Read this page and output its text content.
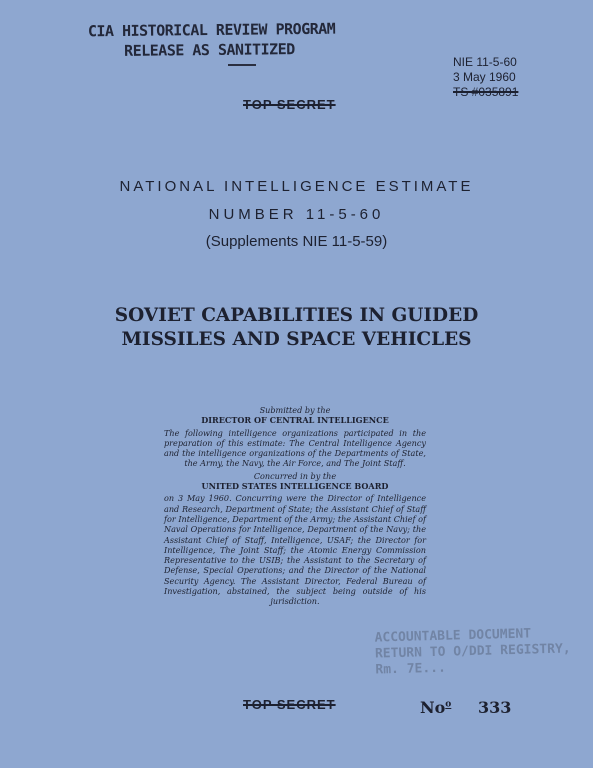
CIA HISTORICAL REVIEW PROGRAM
RELEASE AS SANITIZED
NIE 11-5-60
3 May 1960
TS #035891
TOP SECRET
NATIONAL INTELLIGENCE ESTIMATE
NUMBER 11-5-60
(Supplements NIE 11-5-59)
SOVIET CAPABILITIES IN GUIDED
MISSILES AND SPACE VEHICLES
Submitted by the
DIRECTOR OF CENTRAL INTELLIGENCE
The following intelligence organizations participated in the preparation of this estimate: The Central Intelligence Agency and the intelligence organizations of the Departments of State, the Army, the Navy, the Air Force, and The Joint Staff.
Concurred in by the
UNITED STATES INTELLIGENCE BOARD
on 3 May 1960. Concurring were the Director of Intelligence and Research, Department of State; the Assistant Chief of Staff for Intelligence, Department of the Army; the Assistant Chief of Naval Operations for Intelligence, Department of the Navy; the Assistant Chief of Staff, Intelligence, USAF; the Director for Intelligence, The Joint Staff; the Atomic Energy Commission Representative to the USIB; the Assistant to the Secretary of Defense, Special Operations; and the Director of the National Security Agency. The Assistant Director, Federal Bureau of Investigation, abstained, the subject being outside of his jurisdiction.
ACCOUNTABLE DOCUMENT
RETURN TO O/DDI REGISTRY,
Rm. 7E...
TOP SECRET	No$^o$ 333
